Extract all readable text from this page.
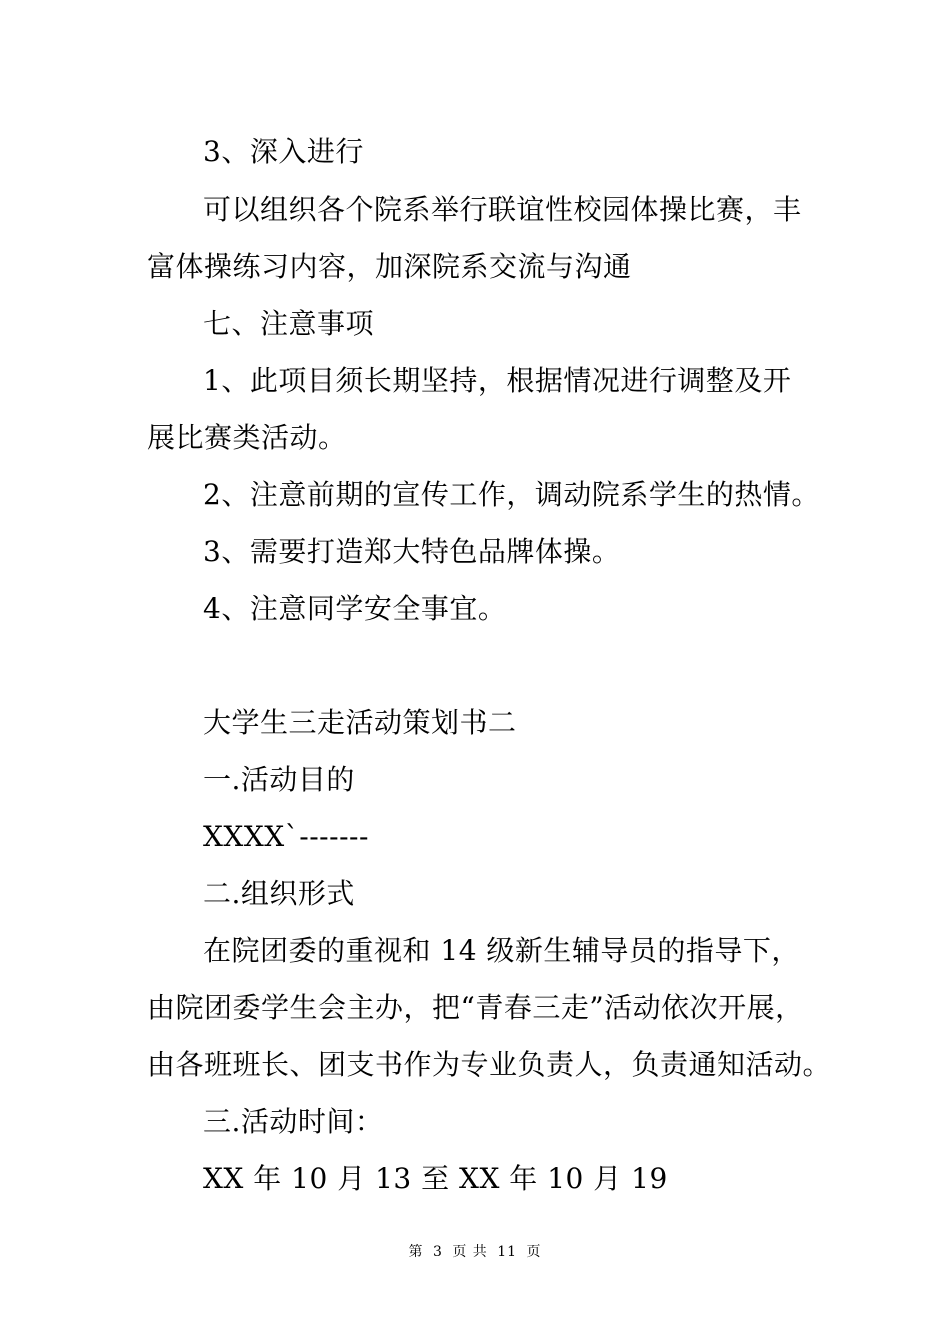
3、深入进行
可以组织各个院系举行联谊性校园体操比赛，丰
富体操练习内容，加深院系交流与沟通
七、注意事项
1、此项目须长期坚持，根据情况进行调整及开
展比赛类活动。
2、注意前期的宣传工作，调动院系学生的热情。
3、需要打造郑大特色品牌体操。
4、注意同学安全事宜。
大学生三走活动策划书二
一.活动目的
XXXX`-------
二.组织形式
在院团委的重视和 14 级新生辅导员的指导下，
由院团委学生会主办，把“青春三走”活动依次开展，
由各班班长、团支书作为专业负责人，负责通知活动。
三.活动时间：
XX 年 10 月 13 至 XX 年 10 月 19
第 3 页 共 11 页
